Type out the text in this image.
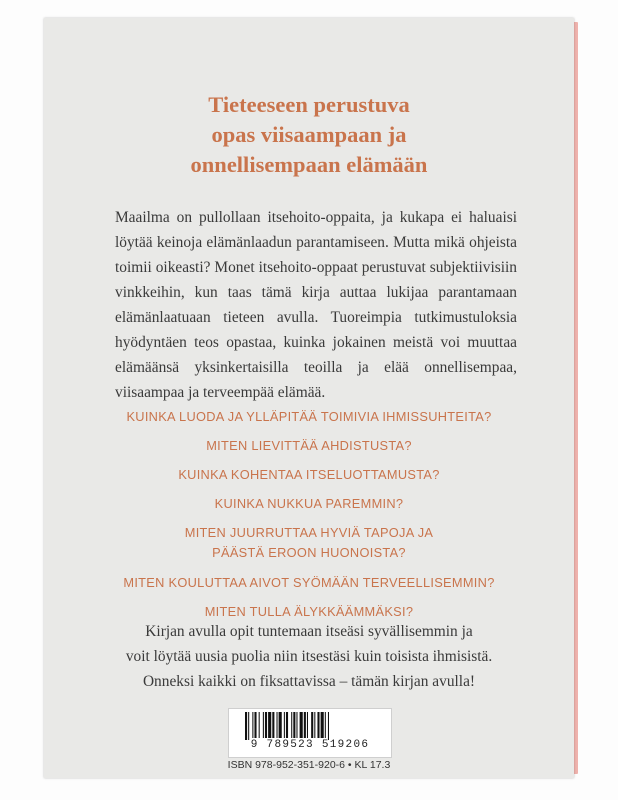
Tieteeseen perustuva
opas viisaampaan ja
onnellisempaan elämään
Maailma on pullollaan itsehoito-oppaita, ja kukapa ei haluaisi löytää keinoja elämänlaadun parantamiseen. Mutta mikä ohjeista toimii oikeasti? Monet itsehoito-oppaat perustuvat subjektiivisiin vinkkeihin, kun taas tämä kirja auttaa lukijaa parantamaan elämänlaatuaan tieteen avulla. Tuoreimpia tutkimustuloksia hyödyntäen teos opastaa, kuinka jokainen meistä voi muuttaa elämäänsä yksinkertaisilla teoilla ja elää onnellisempaa, viisaampaa ja terveempää elämää.
KUINKA LUODA JA YLLÄPITÄÄ TOIMIVIA IHMISSUHTEITA?
MITEN LIEVITTÄÄ AHDISTUSTA?
KUINKA KOHENTAA ITSELUOTTAMUSTA?
KUINKA NUKKUA PAREMMIN?
MITEN JUURRUTTAA HYVIÄ TAPOJA JA
PÄÄSTÄ EROON HUONOISTA?
MITEN KOULUTTAA AIVOT SYÖMÄÄN TERVEELLISEMMIN?
MITEN TULLA ÄLYKKÄÄMMÄKSI?
Kirjan avulla opit tuntemaan itseäsi syvällisemmin ja
voit löytää uusia puolia niin itsestäsi kuin toisista ihmisistä.
Onneksi kaikki on fiksattavissa – tämän kirjan avulla!
9 789523 519206
ISBN 978-952-351-920-6 • KL 17.3
